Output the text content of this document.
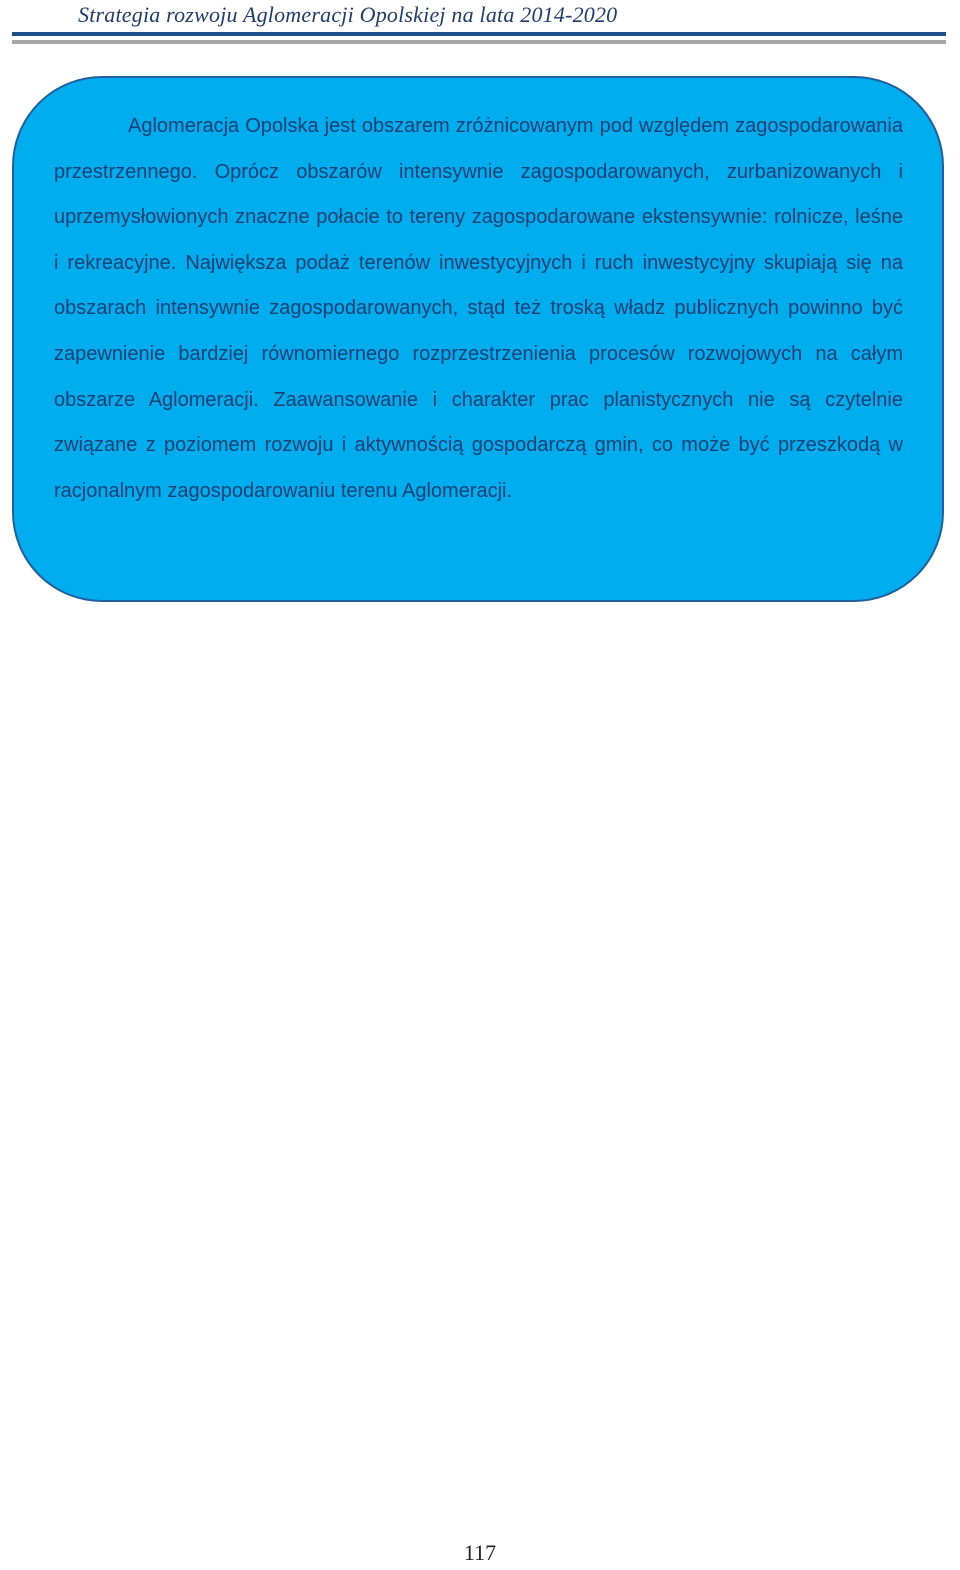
Strategia rozwoju Aglomeracji Opolskiej na lata 2014-2020

Aglomeracja Opolska jest obszarem zróżnicowanym pod względem zagospodarowania przestrzennego. Oprócz obszarów intensywnie zagospodarowanych, zurbanizowanych i uprzemysłowionych znaczne połacie to tereny zagospodarowane ekstensywnie: rolnicze, leśne i rekreacyjne. Największa podaż terenów inwestycyjnych i ruch inwestycyjny skupiają się na obszarach intensywnie zagospodarowanych, stąd też troską władz publicznych powinno być zapewnienie bardziej równomiernego rozprzestrzenienia procesów rozwojowych na całym obszarze Aglomeracji. Zaawansowanie i charakter prac planistycznych nie są czytelnie związane z poziomem rozwoju i aktywnością gospodarczą gmin, co może być przeszkodą w racjonalnym zagospodarowaniu terenu Aglomeracji.

117
